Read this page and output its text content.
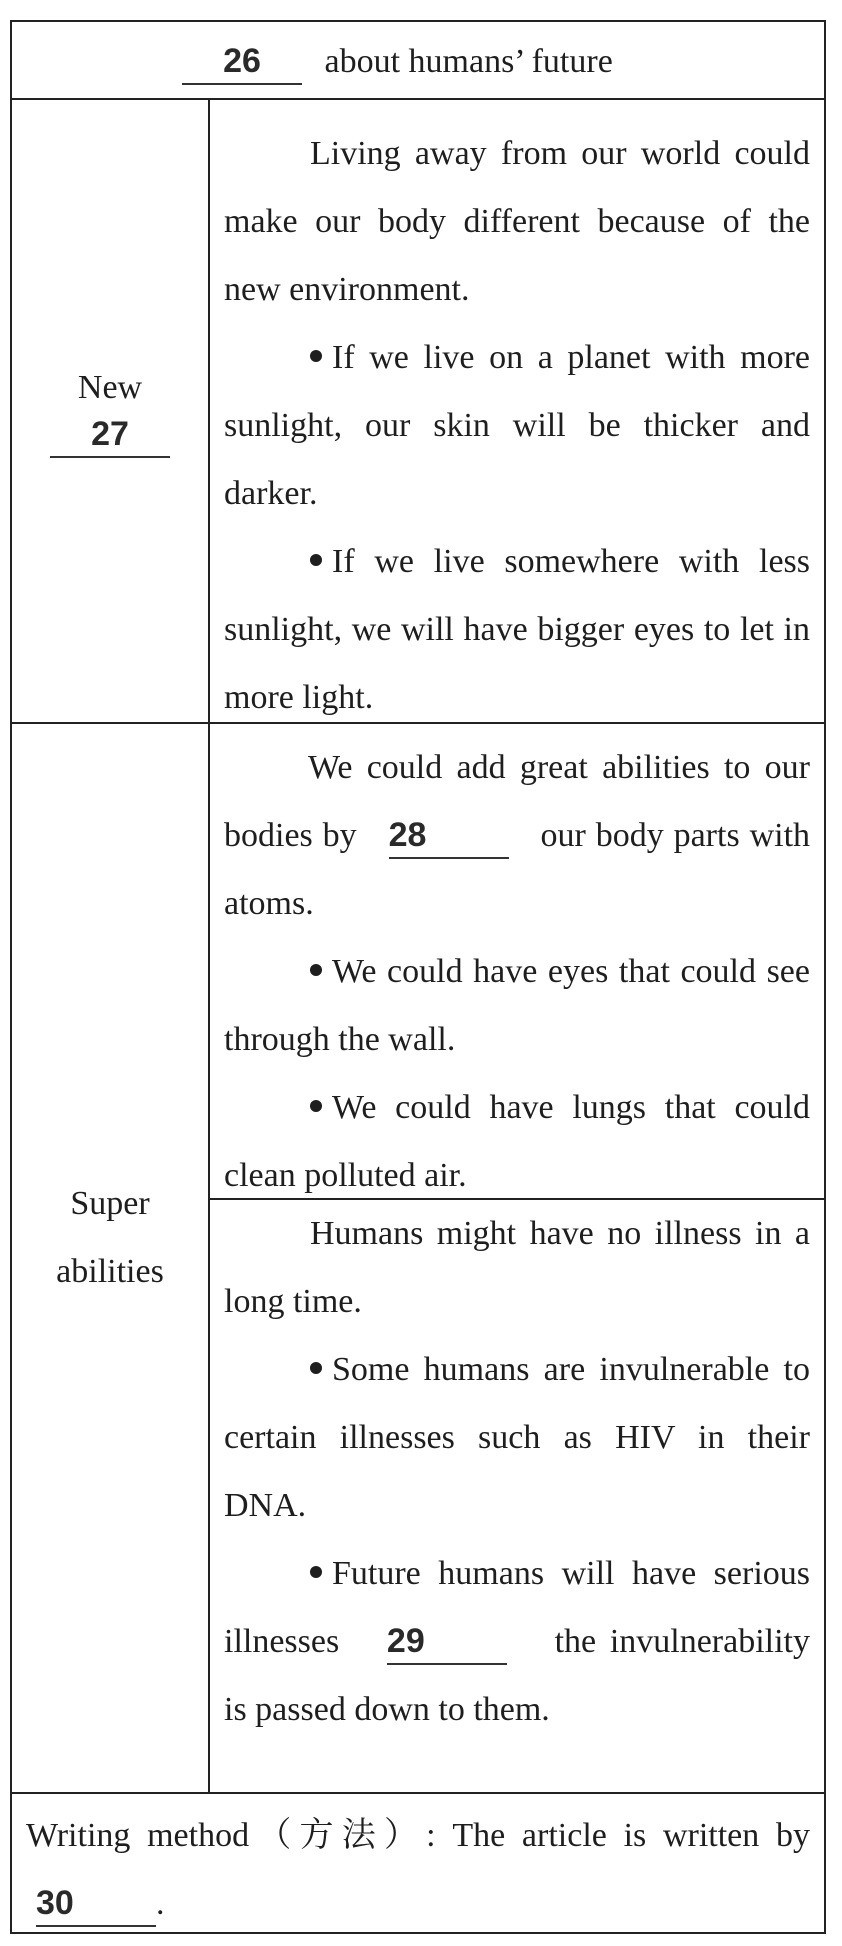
26 about humans’ future
New
27
Living away from our world could make our body different because of the new environment.
If we live on a planet with more sunlight, our skin will be thicker and darker.
If we live somewhere with less sunlight, we will have bigger eyes to let in more light.
Super
abilities
We could add great abilities to our bodies by 28	our body parts with atoms.
We could have eyes that could see through the wall.
We could have lungs that could clean polluted air.
Humans might have no illness in a long time.
Some humans are invulnerable to certain illnesses such as HIV in their DNA.
Future humans will have serious illnesses 29	the invulnerability is passed down to them.
Writing method（方法）: The article is written by 30 .
